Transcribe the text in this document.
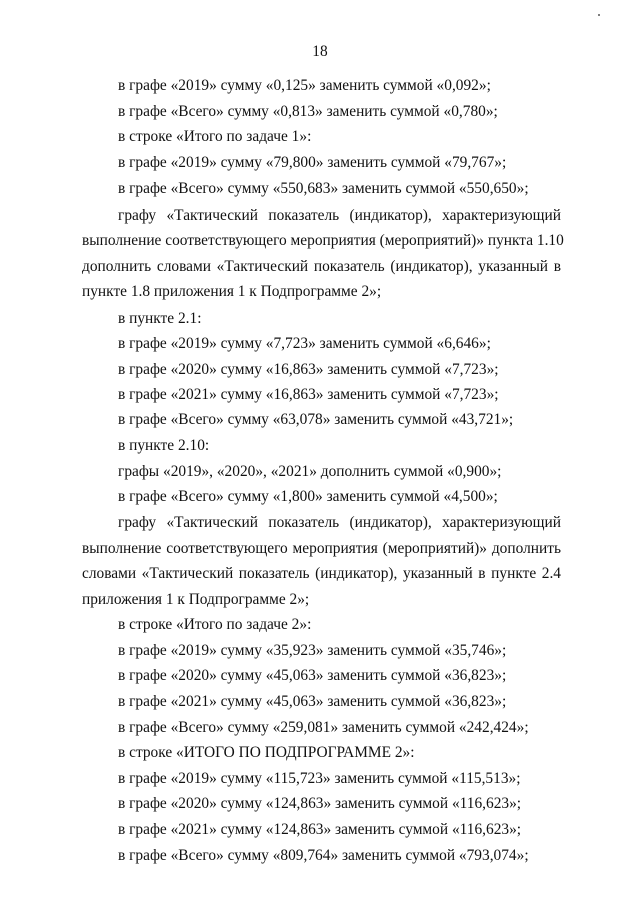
18
в графе «2019» сумму «0,125» заменить суммой «0,092»;
в графе «Всего» сумму «0,813» заменить суммой «0,780»;
в строке «Итого по задаче 1»:
в графе «2019» сумму «79,800» заменить суммой «79,767»;
в графе «Всего» сумму «550,683» заменить суммой «550,650»;
графу «Тактический показатель (индикатор), характеризующий
выполнение соответствующего мероприятия (мероприятий)» пункта 1.10
дополнить словами «Тактический показатель (индикатор), указанный в
пункте 1.8 приложения 1 к Подпрограмме 2»;
в пункте 2.1:
в графе «2019» сумму «7,723» заменить суммой «6,646»;
в графе «2020» сумму «16,863» заменить суммой «7,723»;
в графе «2021» сумму «16,863» заменить суммой «7,723»;
в графе «Всего» сумму «63,078» заменить суммой «43,721»;
в пункте 2.10:
графы «2019», «2020», «2021» дополнить суммой «0,900»;
в графе «Всего» сумму «1,800» заменить суммой «4,500»;
графу «Тактический показатель (индикатор), характеризующий
выполнение соответствующего мероприятия (мероприятий)» дополнить
словами «Тактический показатель (индикатор), указанный в пункте 2.4
приложения 1 к Подпрограмме 2»;
в строке «Итого по задаче 2»:
в графе «2019» сумму «35,923» заменить суммой «35,746»;
в графе «2020» сумму «45,063» заменить суммой «36,823»;
в графе «2021» сумму «45,063» заменить суммой «36,823»;
в графе «Всего» сумму «259,081» заменить суммой «242,424»;
в строке «ИТОГО ПО ПОДПРОГРАММЕ 2»:
в графе «2019» сумму «115,723» заменить суммой «115,513»;
в графе «2020» сумму «124,863» заменить суммой «116,623»;
в графе «2021» сумму «124,863» заменить суммой «116,623»;
в графе «Всего» сумму «809,764» заменить суммой «793,074»;
